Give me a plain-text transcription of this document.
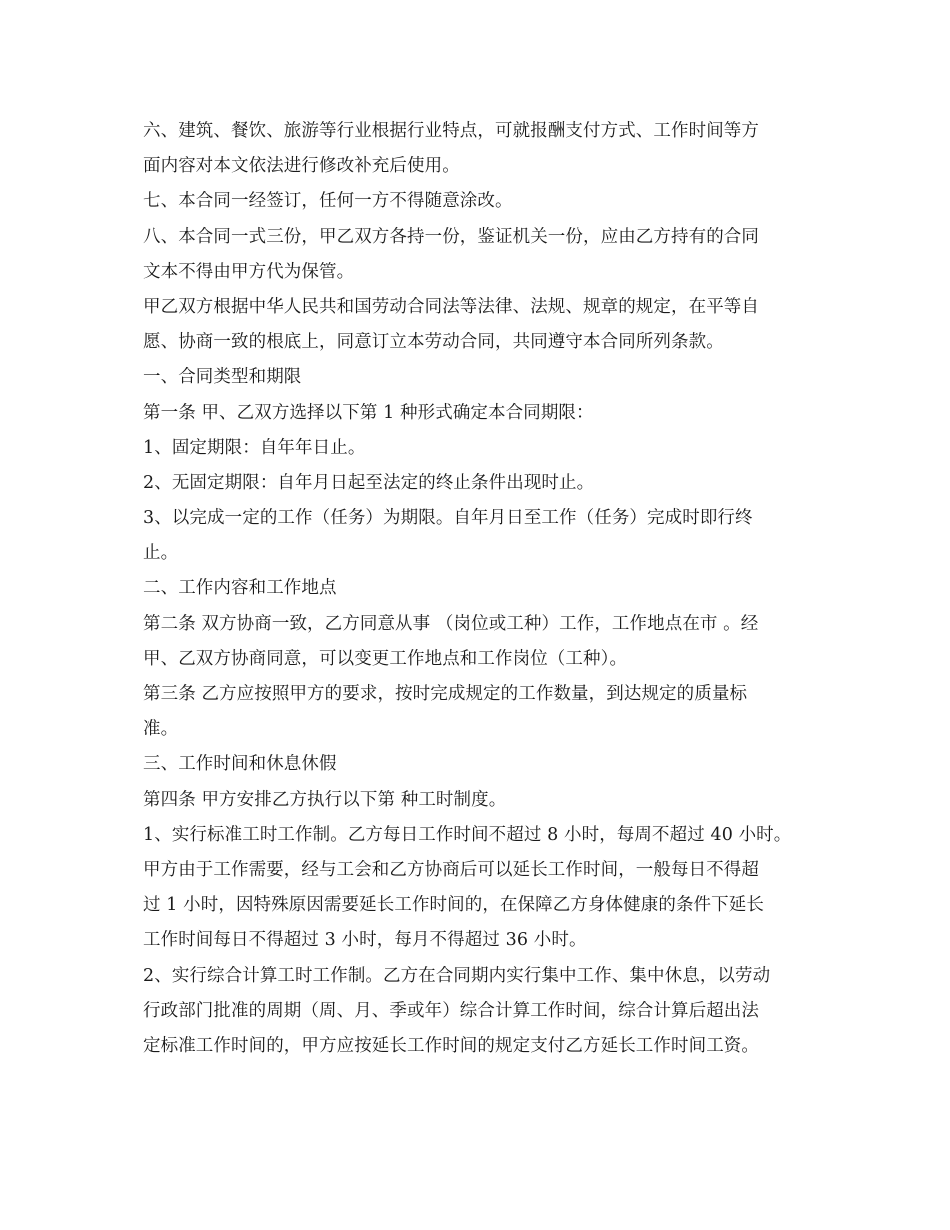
六、建筑、餐饮、旅游等行业根据行业特点，可就报酬支付方式、工作时间等方
面内容对本文依法进行修改补充后使用。
七、本合同一经签订，任何一方不得随意涂改。
八、本合同一式三份，甲乙双方各持一份，鉴证机关一份，应由乙方持有的合同
文本不得由甲方代为保管。
甲乙双方根据中华人民共和国劳动合同法等法律、法规、规章的规定，在平等自
愿、协商一致的根底上，同意订立本劳动合同，共同遵守本合同所列条款。
一、合同类型和期限
第一条 甲、乙双方选择以下第 1 种形式确定本合同期限：
1、固定期限：自年年日止。
2、无固定期限：自年月日起至法定的终止条件出现时止。
3、以完成一定的工作（任务）为期限。自年月日至工作（任务）完成时即行终
止。
二、工作内容和工作地点
第二条 双方协商一致，乙方同意从事 （岗位或工种）工作，工作地点在市 。经
甲、乙双方协商同意，可以变更工作地点和工作岗位（工种）。
第三条 乙方应按照甲方的要求，按时完成规定的工作数量，到达规定的质量标
准。
三、工作时间和休息休假
第四条 甲方安排乙方执行以下第 种工时制度。
1、实行标准工时工作制。乙方每日工作时间不超过 8 小时，每周不超过 40 小时。
甲方由于工作需要，经与工会和乙方协商后可以延长工作时间，一般每日不得超
过 1 小时，因特殊原因需要延长工作时间的，在保障乙方身体健康的条件下延长
工作时间每日不得超过 3 小时，每月不得超过 36 小时。
2、实行综合计算工时工作制。乙方在合同期内实行集中工作、集中休息，以劳动
行政部门批准的周期（周、月、季或年）综合计算工作时间，综合计算后超出法
定标准工作时间的，甲方应按延长工作时间的规定支付乙方延长工作时间工资。
